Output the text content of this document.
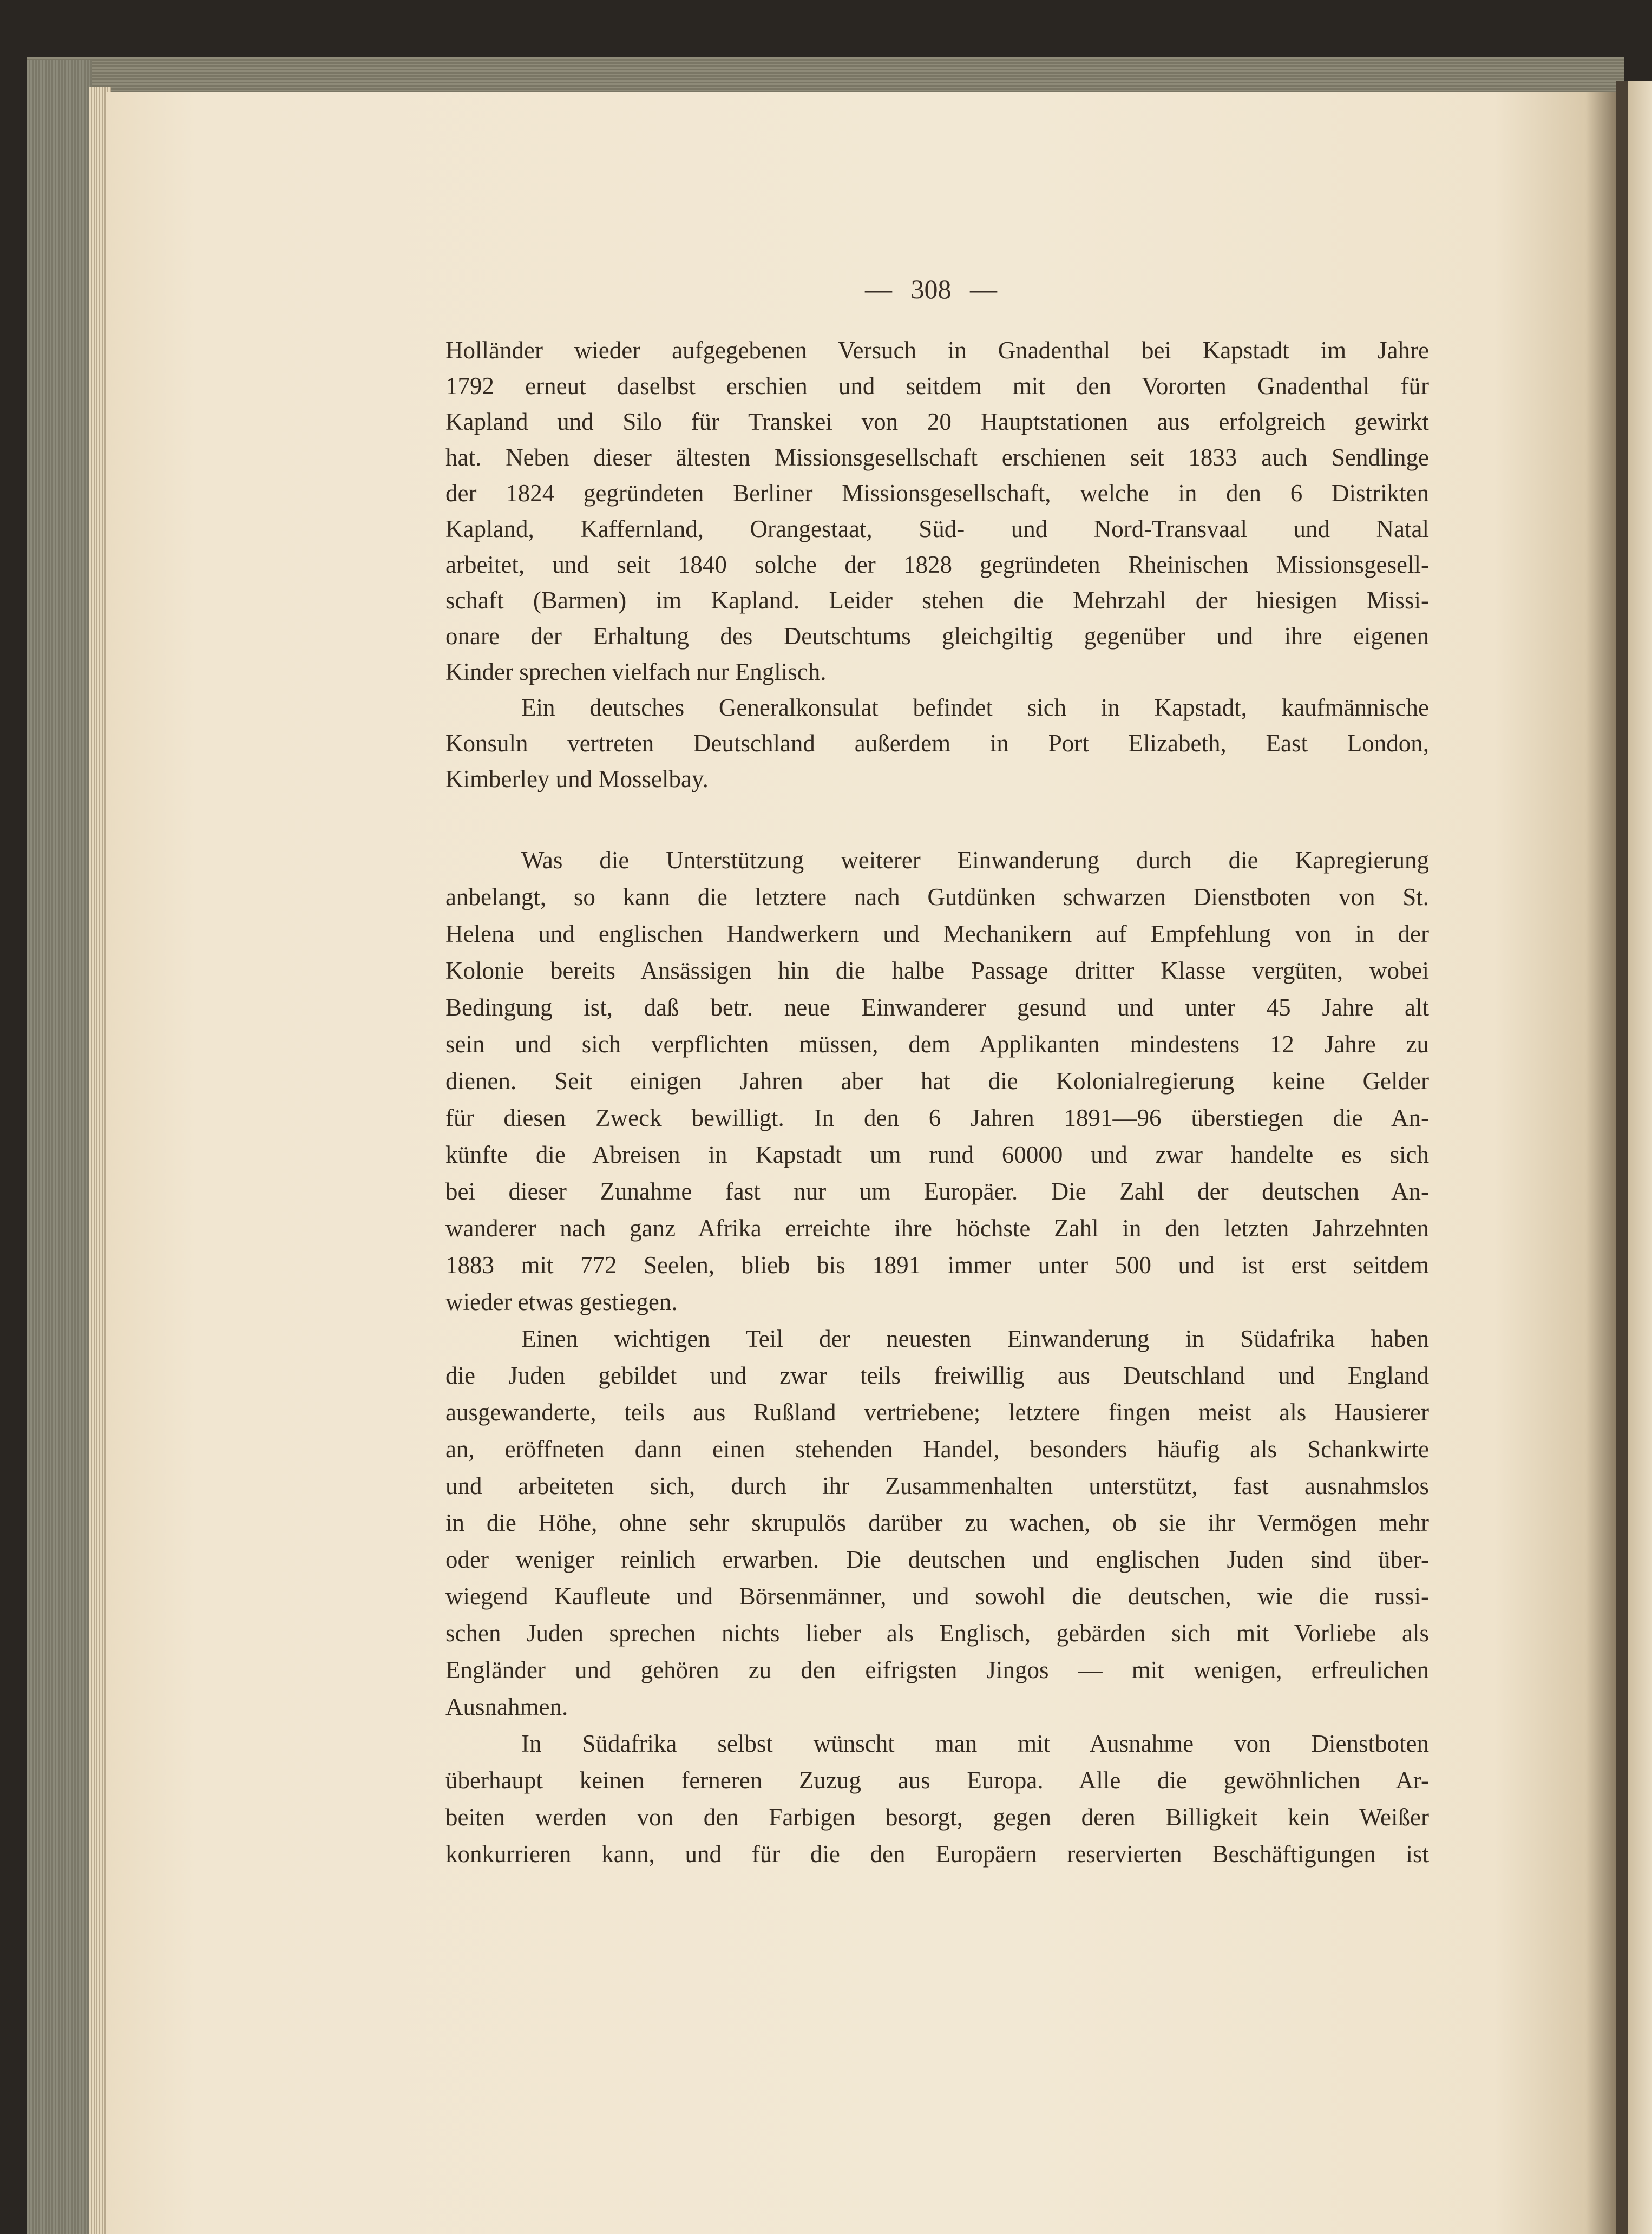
— 308 —
Holländer wieder aufgegebenen Versuch in Gnadenthal bei Kapstadt im Jahre
1792 erneut daselbst erschien und seitdem mit den Vororten Gnadenthal für
Kapland und Silo für Transkei von 20 Hauptstationen aus erfolgreich gewirkt
hat. Neben dieser ältesten Missionsgesellschaft erschienen seit 1833 auch Sendlinge
der 1824 gegründeten Berliner Missionsgesellschaft, welche in den 6 Distrikten
Kapland, Kaffernland, Orangestaat, Süd- und Nord-Transvaal und Natal
arbeitet, und seit 1840 solche der 1828 gegründeten Rheinischen Missionsgesell-
schaft (Barmen) im Kapland. Leider stehen die Mehrzahl der hiesigen Missi-
onare der Erhaltung des Deutschtums gleichgiltig gegenüber und ihre eigenen
Kinder sprechen vielfach nur Englisch.
Ein deutsches Generalkonsulat befindet sich in Kapstadt, kaufmännische
Konsuln vertreten Deutschland außerdem in Port Elizabeth, East London,
Kimberley und Mosselbay.
Was die Unterstützung weiterer Einwanderung durch die Kapregierung
anbelangt, so kann die letztere nach Gutdünken schwarzen Dienstboten von St.
Helena und englischen Handwerkern und Mechanikern auf Empfehlung von in der
Kolonie bereits Ansässigen hin die halbe Passage dritter Klasse vergüten, wobei
Bedingung ist, daß betr. neue Einwanderer gesund und unter 45 Jahre alt
sein und sich verpflichten müssen, dem Applikanten mindestens 12 Jahre zu
dienen. Seit einigen Jahren aber hat die Kolonialregierung keine Gelder
für diesen Zweck bewilligt. In den 6 Jahren 1891—96 überstiegen die An-
künfte die Abreisen in Kapstadt um rund 60000 und zwar handelte es sich
bei dieser Zunahme fast nur um Europäer. Die Zahl der deutschen An-
wanderer nach ganz Afrika erreichte ihre höchste Zahl in den letzten Jahrzehnten
1883 mit 772 Seelen, blieb bis 1891 immer unter 500 und ist erst seitdem
wieder etwas gestiegen.
Einen wichtigen Teil der neuesten Einwanderung in Südafrika haben
die Juden gebildet und zwar teils freiwillig aus Deutschland und England
ausgewanderte, teils aus Rußland vertriebene; letztere fingen meist als Hausierer
an, eröffneten dann einen stehenden Handel, besonders häufig als Schankwirte
und arbeiteten sich, durch ihr Zusammenhalten unterstützt, fast ausnahmslos
in die Höhe, ohne sehr skrupulös darüber zu wachen, ob sie ihr Vermögen mehr
oder weniger reinlich erwarben. Die deutschen und englischen Juden sind über-
wiegend Kaufleute und Börsenmänner, und sowohl die deutschen, wie die russi-
schen Juden sprechen nichts lieber als Englisch, gebärden sich mit Vorliebe als
Engländer und gehören zu den eifrigsten Jingos — mit wenigen, erfreulichen
Ausnahmen.
In Südafrika selbst wünscht man mit Ausnahme von Dienstboten
überhaupt keinen ferneren Zuzug aus Europa. Alle die gewöhnlichen Ar-
beiten werden von den Farbigen besorgt, gegen deren Billigkeit kein Weißer
konkurrieren kann, und für die den Europäern reservierten Beschäftigungen ist
